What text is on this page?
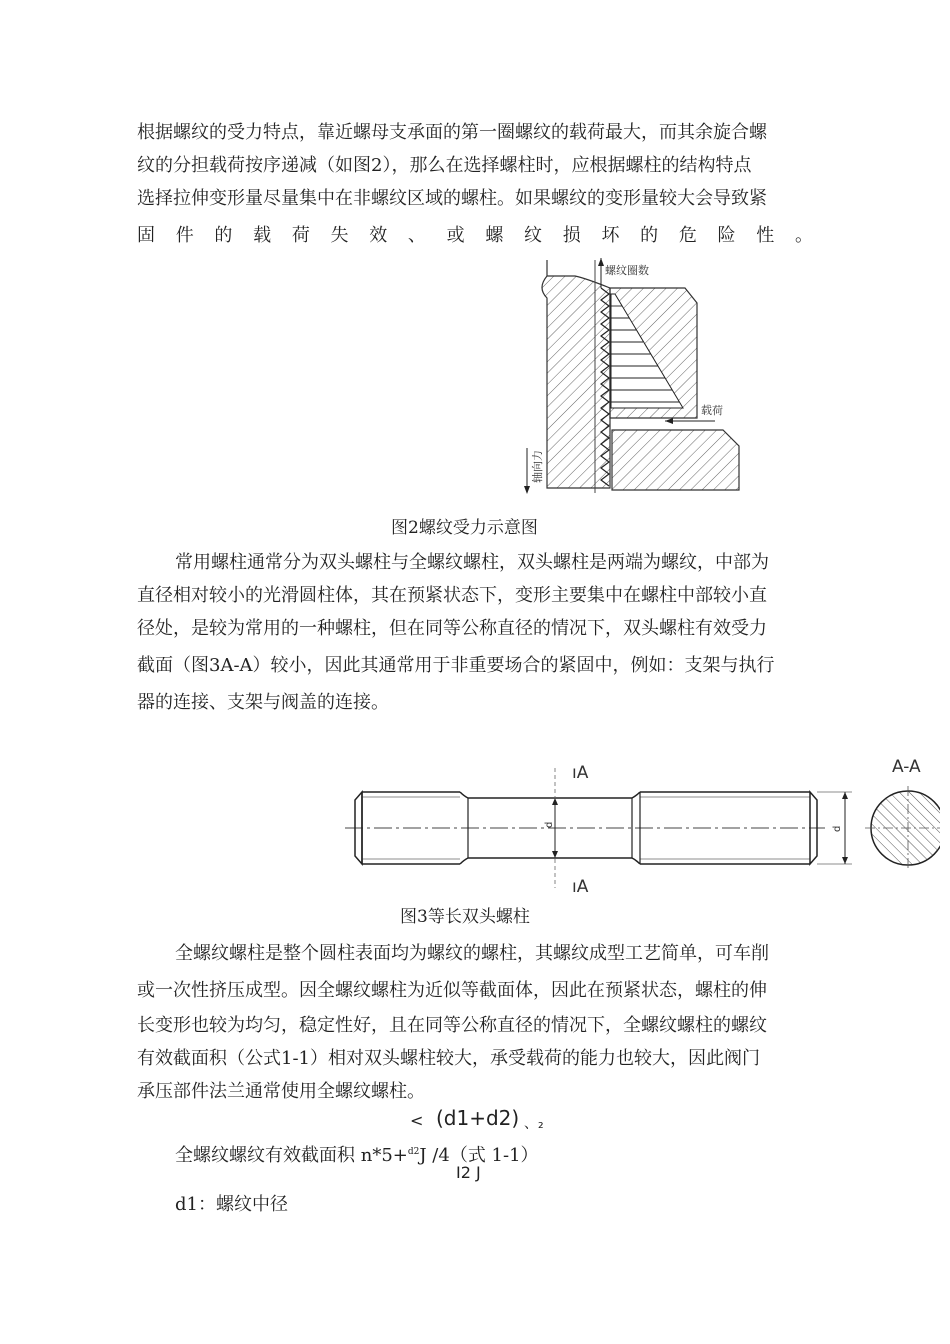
根据螺纹的受力特点，靠近螺母支承面的第一圈螺纹的载荷最大，而其余旋合螺
纹的分担载荷按序递减（如图2），那么在选择螺柱时，应根据螺柱的结构特点
选择拉伸变形量尽量集中在非螺纹区域的螺柱。如果螺纹的变形量较大会导致紧
固 件 的 载 荷 失 效 、 或 螺 纹 损 坏 的 危 险 性 。
螺纹圈数
载荷
轴向力
图2螺纹受力示意图
常用螺柱通常分为双头螺柱与全螺纹螺柱，双头螺柱是两端为螺纹，中部为
直径相对较小的光滑圆柱体，其在预紧状态下，变形主要集中在螺柱中部较小直
径处，是较为常用的一种螺柱，但在同等公称直径的情况下，双头螺柱有效受力
截面（图3A-A）较小，因此其通常用于非重要场合的紧固中，例如：支架与执行
器的连接、支架与阀盖的连接。
ıA
ıA
d
d
A-A
图3等长双头螺柱
全螺纹螺柱是整个圆柱表面均为螺纹的螺柱，其螺纹成型工艺简单，可车削
或一次性挤压成型。因全螺纹螺柱为近似等截面体，因此在预紧状态，螺柱的伸
长变形也较为均匀，稳定性好，且在同等公称直径的情况下，全螺纹螺柱的螺纹
有效截面积（公式1-1）相对双头螺柱较大，承受载荷的能力也较大，因此阀门
承压部件法兰通常使用全螺纹螺柱。
< (d1+d2) 、₂
全螺纹螺纹有效截面积 n*5+$^{d2}$J /4（式 1-1）
I2 J
d1：螺纹中径
